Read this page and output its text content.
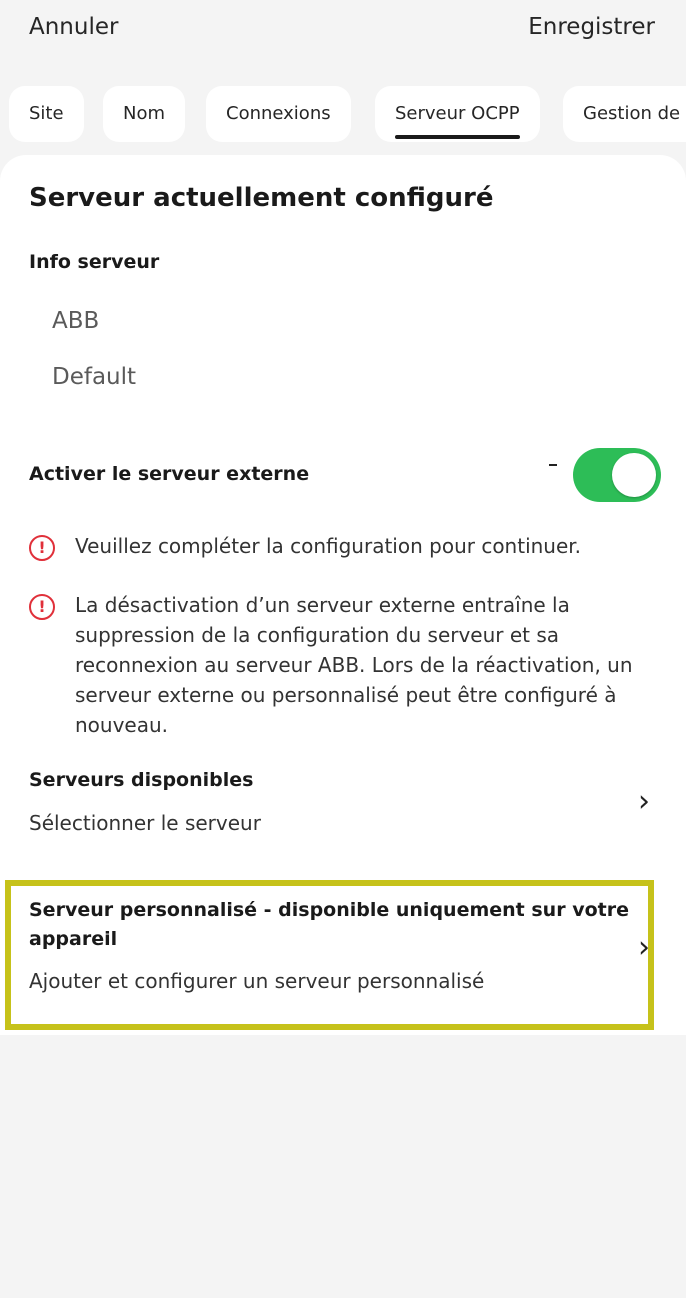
Annuler	Enregistrer
Site	Nom	Connexions	Serveur OCPP	Gestion de
Serveur actuellement configuré
Info serveur
ABB
Default
Activer le serveur externe
!	Veuillez compléter la configuration pour continuer.
!	La désactivation d’un serveur externe entraîne la suppression de la configuration du serveur et sa reconnexion au serveur ABB. Lors de la réactivation, un serveur externe ou personnalisé peut être configuré à nouveau.
Serveurs disponibles
Sélectionner le serveur
›
Serveur personnalisé - disponible uniquement sur votre appareil
Ajouter et configurer un serveur personnalisé
›
